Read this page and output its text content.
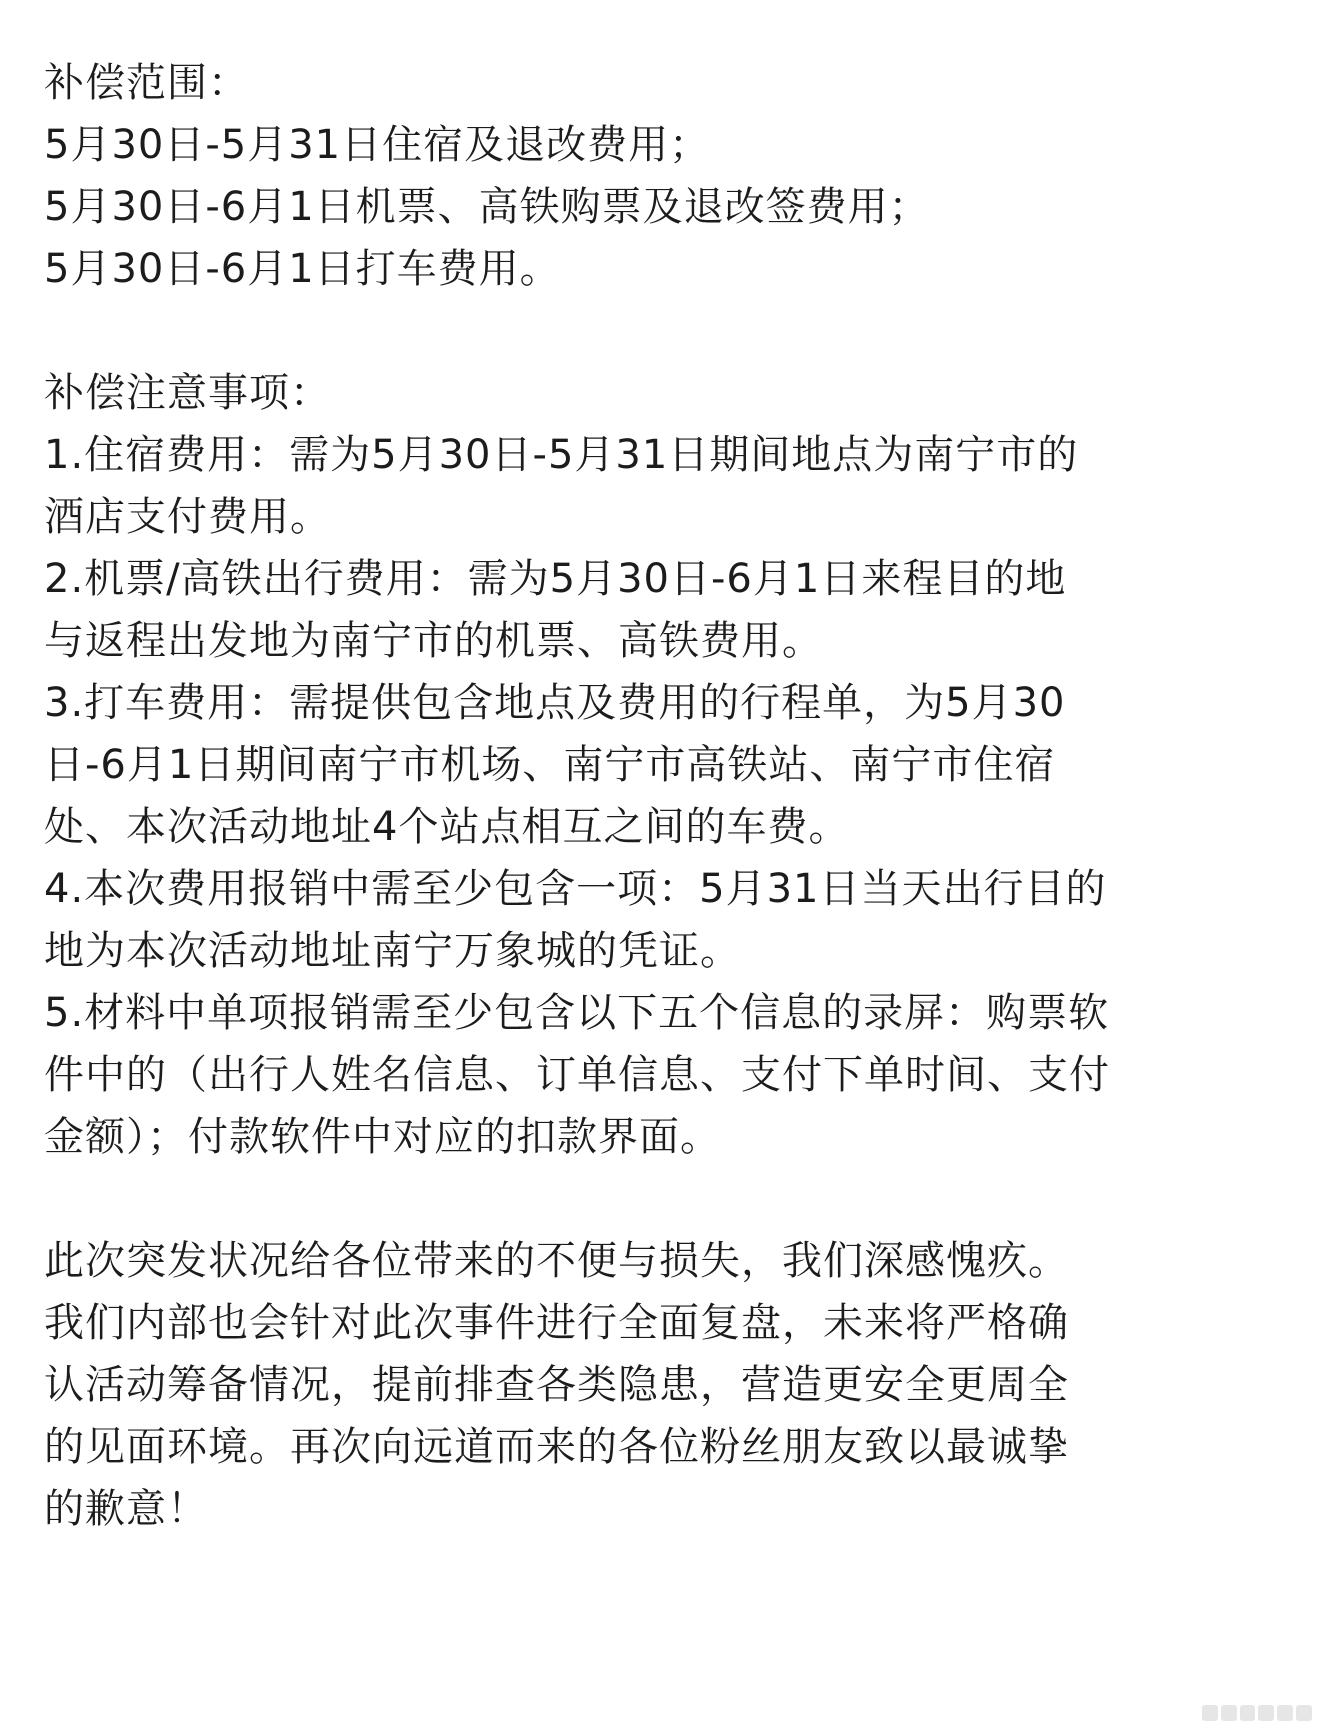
补偿范围：
5月30日-5月31日住宿及退改费用；
5月30日-6月1日机票、高铁购票及退改签费用；
5月30日-6月1日打车费用。
补偿注意事项：
1.住宿费用：需为5月30日-5月31日期间地点为南宁市的
酒店支付费用。
2.机票/高铁出行费用：需为5月30日-6月1日来程目的地
与返程出发地为南宁市的机票、高铁费用。
3.打车费用：需提供包含地点及费用的行程单，为5月30
日-6月1日期间南宁市机场、南宁市高铁站、南宁市住宿
处、本次活动地址4个站点相互之间的车费。
4.本次费用报销中需至少包含一项：5月31日当天出行目的
地为本次活动地址南宁万象城的凭证。
5.材料中单项报销需至少包含以下五个信息的录屏：购票软
件中的（出行人姓名信息、订单信息、支付下单时间、支付
金额）；付款软件中对应的扣款界面。
此次突发状况给各位带来的不便与损失，我们深感愧疚。
我们内部也会针对此次事件进行全面复盘，未来将严格确
认活动筹备情况，提前排查各类隐患，营造更安全更周全
的见面环境。再次向远道而来的各位粉丝朋友致以最诚挚
的歉意！
